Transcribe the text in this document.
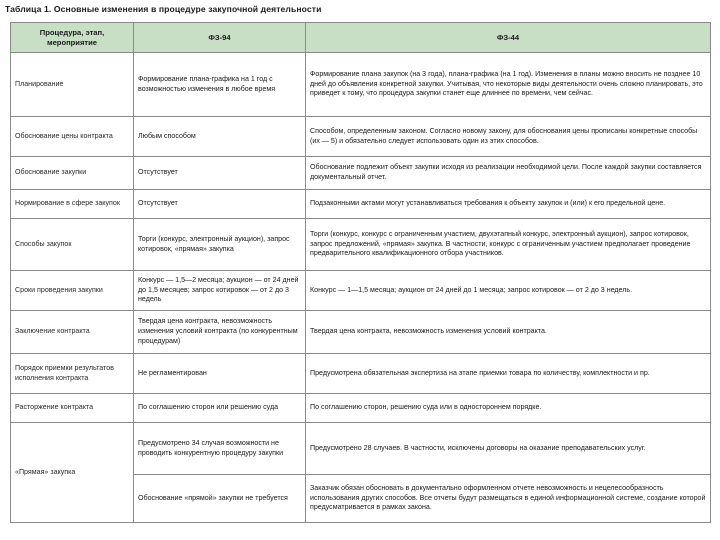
Таблица 1. Основные изменения в процедуре закупочной деятельности
Процедура, этап, мероприятие	ФЗ-94	ФЗ-44
Планирование	Формирование плана-графика на 1 год с возможностью изменения в любое время	Формирование плана закупок (на 3 года), плана-графика (на 1 год). Изменения в планы можно вносить не позднее 10 дней до объявления конкретной закупки. Учитывая, что некоторые виды деятельности очень сложно планировать, это приведет к тому, что процедура закупки станет еще длиннее по времени, чем сейчас.
Обоснование цены контракта	Любым способом	Способом, определенным законом. Согласно новому закону, для обоснования цены прописаны конкретные способы (их — 5) и обязательно следует использовать один из этих способов.
Обоснование закупки	Отсутствует	Обоснование подлежит объект закупки исходя из реализации необходимой цели. После каждой закупки составляется документальный отчет.
Нормирование в сфере закупок	Отсутствует	Подзаконными актами могут устанавливаться требования к объекту закупок и (или) к его предельной цене.
Способы закупок	Торги (конкурс, электронный аукцион), запрос котировок, «прямая» закупка	Торги (конкурс, конкурс с ограниченным участием, двухэтапный конкурс, электронный аукцион), запрос котировок, запрос предложений, «прямая» закупка. В частности, конкурс с ограниченным участием предполагает проведение предварительного квалификационного отбора участников.
Сроки проведения закупки	Конкурс — 1,5—2 месяца; аукцион — от 24 дней до 1,5 месяцев; запрос котировок — от 2 до 3 недель	Конкурс — 1—1,5 месяца; аукцион от 24 дней до 1 месяца; запрос котировок — от 2 до 3 недель.
Заключение контракта	Твердая цена контракта, невозможность изменения условий контракта (по конкурентным процедурам)	Твердая цена контракта, невозможность изменения условий контракта.
Порядок приемки результатов исполнения контракта	Не регламентирован	Предусмотрена обязательная экспертиза на этапе приемки товара по количеству, комплектности и пр.
Расторжение контракта	По соглашению сторон или решению суда	По соглашению сторон, решению суда или в одностороннем порядке.
«Прямая» закупка	Предусмотрено 34 случая возможности не проводить конкурентную процедуру закупки	Предусмотрено 28 случаев. В частности, исключены договоры на оказание преподавательских услуг.
	Обоснование «прямой» закупки не требуется	Заказчик обязан обосновать в документально оформленном отчете невозможность и нецелесообразность использования других способов. Все отчеты будут размещаться в единой информационной системе, создание которой предусматривается в рамках закона.
